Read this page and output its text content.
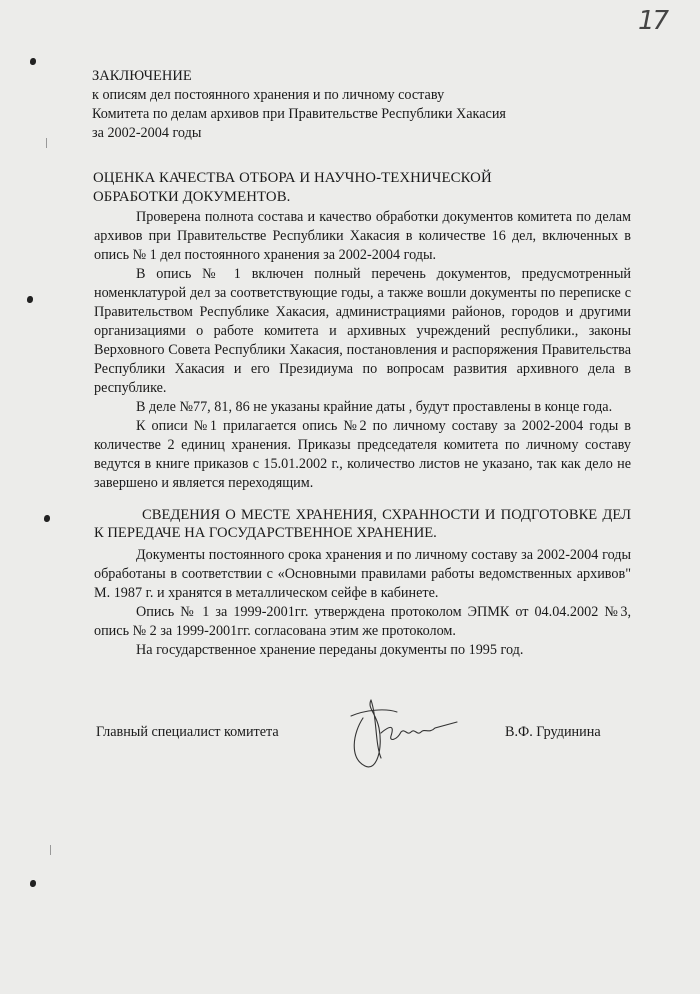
17
ЗАКЛЮЧЕНИЕ
к описям дел постоянного хранения и по личному составу
Комитета по делам архивов при Правительстве Республики Хакасия
за 2002-2004 годы
ОЦЕНКА КАЧЕСТВА ОТБОРА И НАУЧНО-ТЕХНИЧЕСКОЙ ОБРАБОТКИ ДОКУМЕНТОВ.

Проверена полнота состава и качество обработки документов комитета по делам архивов при Правительстве Республики Хакасия в количестве 16 дел, включенных в опись № 1 дел постоянного хранения за 2002-2004 годы.

В опись № 1 включен полный перечень документов, предусмотренный номенклатурой дел за соответствующие годы, а также вошли документы по переписке с Правительством Республике Хакасия, администрациями районов, городов и другими организациями о работе комитета и архивных учреждений республики., законы Верховного Совета Республики Хакасия, постановления и распоряжения Правительства Республики Хакасия и его Президиума по вопросам развития архивного дела в республике.

В деле №77, 81, 86 не указаны крайние даты , будут проставлены в конце года.

К описи №1 прилагается опись №2 по личному составу за 2002-2004 годы в количестве 2 единиц хранения. Приказы председателя комитета по личному составу ведутся в книге приказов с 15.01.2002 г., количество листов не указано, так как дело не завершено и является переходящим.

СВЕДЕНИЯ О МЕСТЕ ХРАНЕНИЯ, СХРАННОСТИ И ПОДГОТОВКЕ ДЕЛ К ПЕРЕДАЧЕ НА ГОСУДАРСТВЕННОЕ ХРАНЕНИЕ.

Документы постоянного срока хранения и по личному составу за 2002-2004 годы обработаны в соответствии с «Основными правилами работы ведомственных архивов" М. 1987 г. и хранятся в металлическом сейфе в кабинете.

Опись № 1 за 1999-2001гг. утверждена протоколом ЭПМК от 04.04.2002 №3, опись № 2 за 1999-2001гг. согласована этим же протоколом.

На государственное хранение переданы документы по 1995 год.

Главный специалист комитета	В.Ф. Грудинина
